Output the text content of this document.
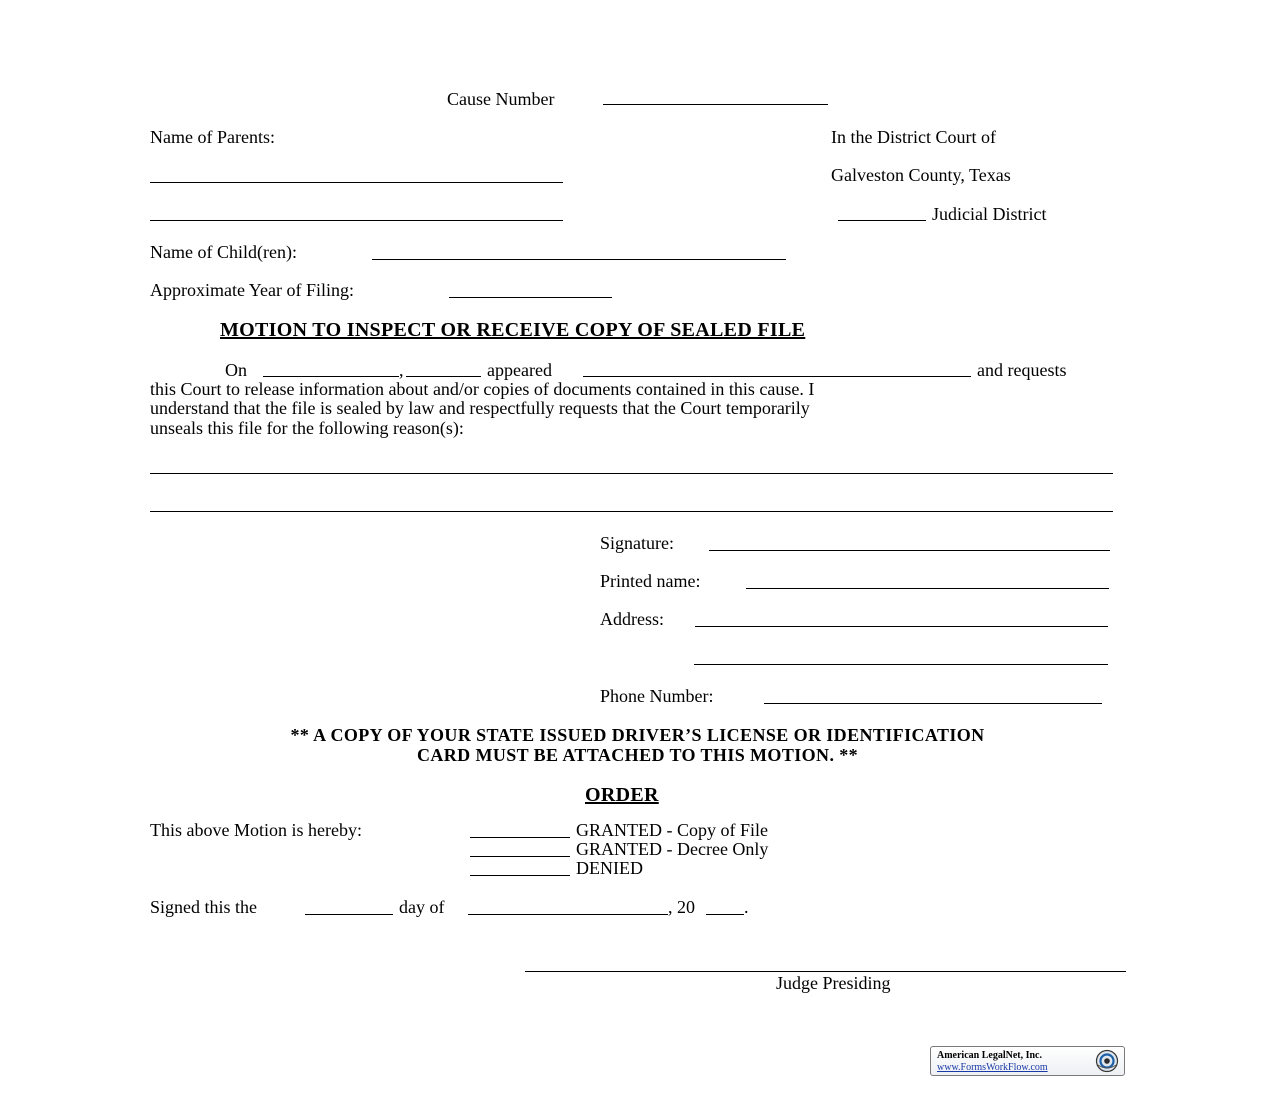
Cause Number
Name of Parents:	In the District Court of
Galveston County, Texas
Judicial District
Name of Child(ren):
Approximate Year of Filing:
MOTION TO INSPECT OR RECEIVE COPY OF SEALED FILE
On	,	appeared	and requests
this Court to release information about and/or copies of documents contained in this cause. I
understand that the file is sealed by law and respectfully requests that the Court temporarily
unseals this file for the following reason(s):
Signature:
Printed name:
Address:
Phone Number:
** A COPY OF YOUR STATE ISSUED DRIVER’S LICENSE OR IDENTIFICATION
CARD MUST BE ATTACHED TO THIS MOTION. **
ORDER
This above Motion is hereby:	GRANTED - Copy of File
GRANTED - Decree Only
DENIED
Signed this the	day of	, 20	.
Judge Presiding
American LegalNet, Inc.
www.FormsWorkFlow.com
